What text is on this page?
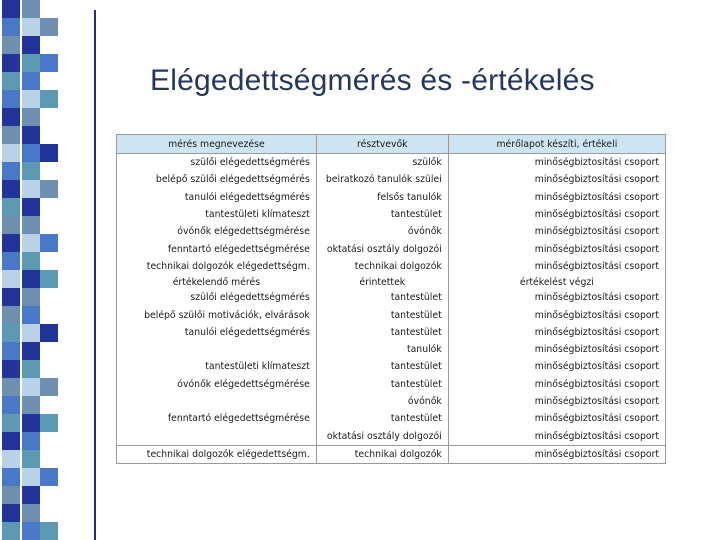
Elégedettségmérés és -értékelés
mérés megnevezése	résztvevők	mérőlapot készíti, értékeli
szülői elégedettségmérés	szülők	minőségbiztosítási csoport
belépő szülői elégedettségmérés	beiratkozó tanulók szülei	minőségbiztosítási csoport
tanulói elégedettségmérés	felsős tanulók	minőségbiztosítási csoport
tantestületi klímateszt	tantestület	minőségbiztosítási csoport
óvónők elégedettségmérése	óvónők	minőségbiztosítási csoport
fenntartó elégedettségmérése	oktatási osztály dolgozói	minőségbiztosítási csoport
technikai dolgozók elégedettségm.	technikai dolgozók	minőségbiztosítási csoport
értékelendő mérés	érintettek	értékelést végzi
szülői elégedettségmérés	tantestület	minőségbiztosítási csoport
belépő szülői motivációk, elvárások	tantestület	minőségbiztosítási csoport
tanulói elégedettségmérés	tantestület	minőségbiztosítási csoport
	tanulók	minőségbiztosítási csoport
tantestületi klímateszt	tantestület	minőségbiztosítási csoport
óvónők elégedettségmérése	tantestület	minőségbiztosítási csoport
	óvónők	minőségbiztosítási csoport
fenntartó elégedettségmérése	tantestület	minőségbiztosítási csoport
	oktatási osztály dolgozói	minőségbiztosítási csoport
technikai dolgozók elégedettségm.	technikai dolgozók	minőségbiztosítási csoport
